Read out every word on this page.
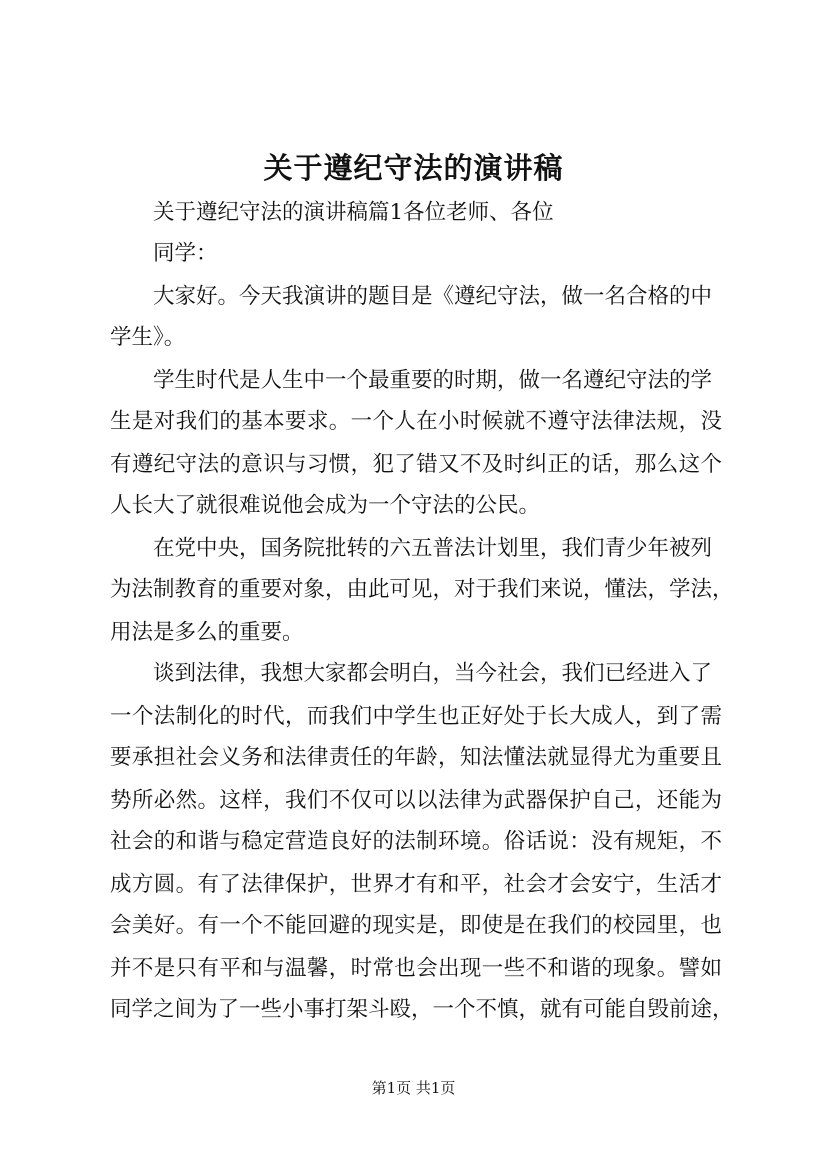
关于遵纪守法的演讲稿
关于遵纪守法的演讲稿篇1各位老师、各位
同学：
大家好。今天我演讲的题目是《遵纪守法，做一名合格的中
学生》。
学生时代是人生中一个最重要的时期，做一名遵纪守法的学
生是对我们的基本要求。一个人在小时候就不遵守法律法规，没
有遵纪守法的意识与习惯，犯了错又不及时纠正的话，那么这个
人长大了就很难说他会成为一个守法的公民。
在党中央，国务院批转的六五普法计划里，我们青少年被列
为法制教育的重要对象，由此可见，对于我们来说，懂法，学法，
用法是多么的重要。
谈到法律，我想大家都会明白，当今社会，我们已经进入了
一个法制化的时代，而我们中学生也正好处于长大成人，到了需
要承担社会义务和法律责任的年龄，知法懂法就显得尤为重要且
势所必然。这样，我们不仅可以以法律为武器保护自己，还能为
社会的和谐与稳定营造良好的法制环境。俗话说：没有规矩，不
成方圆。有了法律保护，世界才有和平，社会才会安宁，生活才
会美好。有一个不能回避的现实是，即使是在我们的校园里，也
并不是只有平和与温馨，时常也会出现一些不和谐的现象。譬如
同学之间为了一些小事打架斗殴，一个不慎，就有可能自毁前途，
第1页 共1页
